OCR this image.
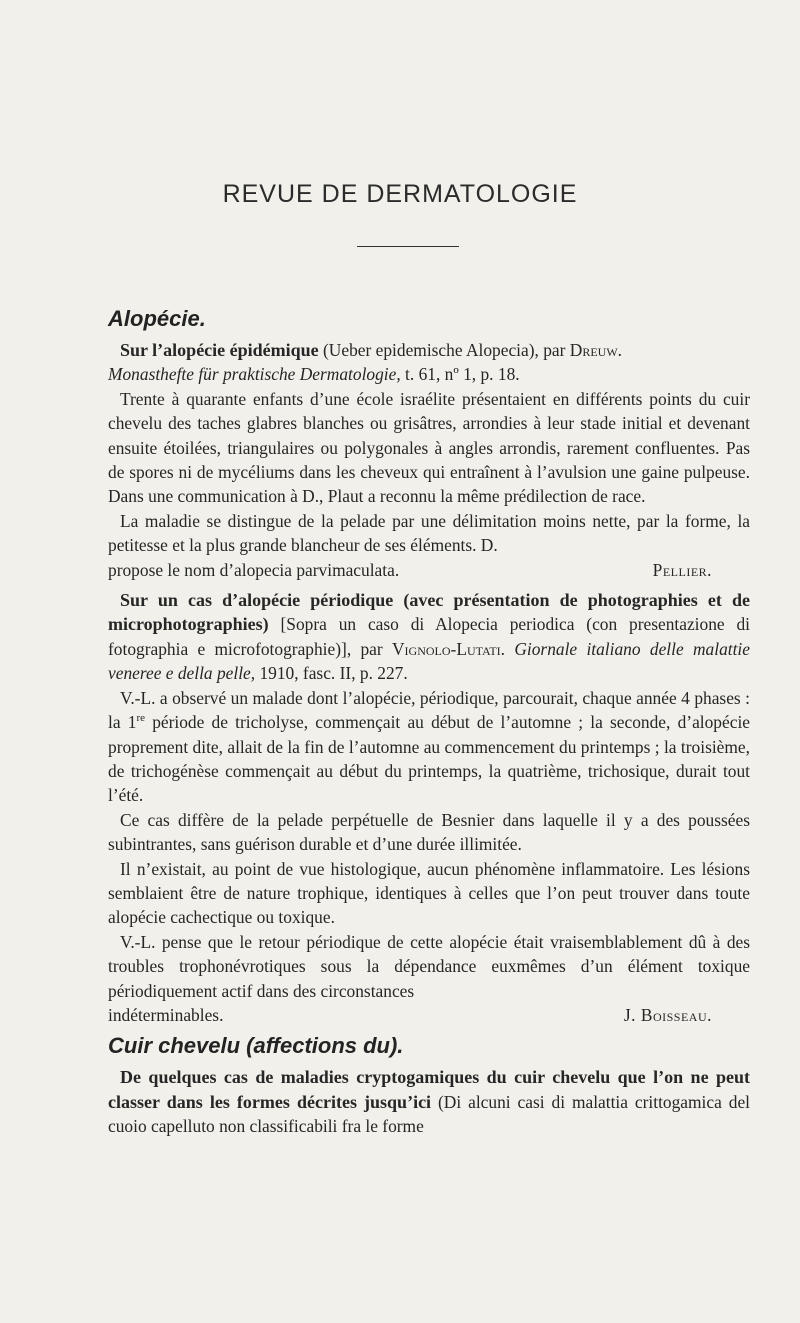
REVUE DE DERMATOLOGIE
Alopécie.

Sur l’alopécie épidémique (Ueber epidemische Alopecia), par Dreuw.

Monasthefte für praktische Dermatologie, t. 61, nº 1, p. 18.

Trente à quarante enfants d’une école israélite présentaient en différents points du cuir chevelu des taches glabres blanches ou grisâtres, arrondies à leur stade initial et devenant ensuite étoilées, triangulaires ou polygonales à angles arrondis, rarement confluentes. Pas de spores ni de mycéliums dans les cheveux qui entraînent à l’avulsion une gaine pulpeuse. Dans une communication à D., Plaut a reconnu la même prédilection de race.

La maladie se distingue de la pelade par une délimitation moins nette, par la forme, la petitesse et la plus grande blancheur de ses éléments. D.

propose le nom d’alopecia parvimaculata.	Pellier.

Sur un cas d’alopécie périodique (avec présentation de photographies et de microphotographies) [Sopra un caso di Alopecia periodica (con presentazione di fotographia e microfotographie)], par Vignolo-Lutati. Giornale italiano delle malattie veneree e della pelle, 1910, fasc. II, p. 227.

V.-L. a observé un malade dont l’alopécie, périodique, parcourait, chaque année 4 phases : la 1re période de tricholyse, commençait au début de l’automne ; la seconde, d’alopécie proprement dite, allait de la fin de l’automne au commencement du printemps ; la troisième, de trichogénèse commençait au début du printemps, la quatrième, trichosique, durait tout l’été.

Ce cas diffère de la pelade perpétuelle de Besnier dans laquelle il y a des poussées subintrantes, sans guérison durable et d’une durée illimitée.

Il n’existait, au point de vue histologique, aucun phénomène inflammatoire. Les lésions semblaient être de nature trophique, identiques à celles que l’on peut trouver dans toute alopécie cachectique ou toxique.

V.-L. pense que le retour périodique de cette alopécie était vraisemblablement dû à des troubles trophonévrotiques sous la dépendance euxmêmes d’un élément toxique périodiquement actif dans des circonstances

indéterminables.	J. Boisseau.
Cuir chevelu (affections du).

De quelques cas de maladies cryptogamiques du cuir chevelu que l’on ne peut classer dans les formes décrites jusqu’ici (Di alcuni casi di malattia crittogamica del cuoio capelluto non classificabili fra le forme
